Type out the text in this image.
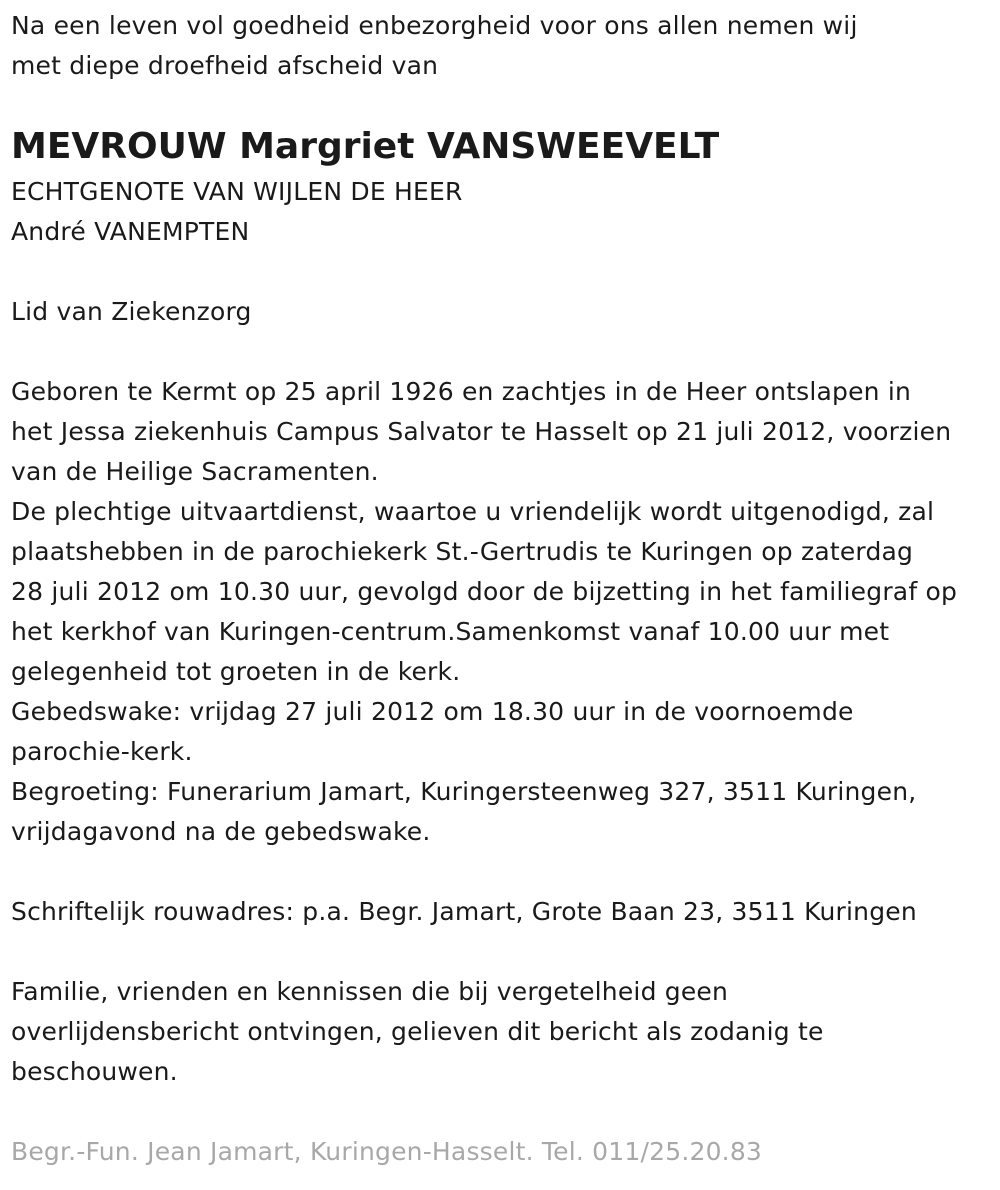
Na een leven vol goedheid enbezorgheid voor ons allen nemen wij
met diepe droefheid afscheid van
MEVROUW Margriet VANSWEEVELT
ECHTGENOTE VAN WIJLEN DE HEER
André VANEMPTEN
Lid van Ziekenzorg
Geboren te Kermt op 25 april 1926 en zachtjes in de Heer ontslapen in
het Jessa ziekenhuis Campus Salvator te Hasselt op 21 juli 2012, voorzien
van de Heilige Sacramenten.
De plechtige uitvaartdienst, waartoe u vriendelijk wordt uitgenodigd, zal
plaatshebben in de parochiekerk St.-Gertrudis te Kuringen op zaterdag
28 juli 2012 om 10.30 uur, gevolgd door de bijzetting in het familiegraf op
het kerkhof van Kuringen-centrum.Samenkomst vanaf 10.00 uur met
gelegenheid tot groeten in de kerk.
Gebedswake: vrijdag 27 juli 2012 om 18.30 uur in de voornoemde
parochie-kerk.
Begroeting: Funerarium Jamart, Kuringersteenweg 327, 3511 Kuringen,
vrijdagavond na de gebedswake.
Schriftelijk rouwadres: p.a. Begr. Jamart, Grote Baan 23, 3511 Kuringen
Familie, vrienden en kennissen die bij vergetelheid geen
overlijdensbericht ontvingen, gelieven dit bericht als zodanig te
beschouwen.
Begr.-Fun. Jean Jamart, Kuringen-Hasselt. Tel. 011/25.20.83
